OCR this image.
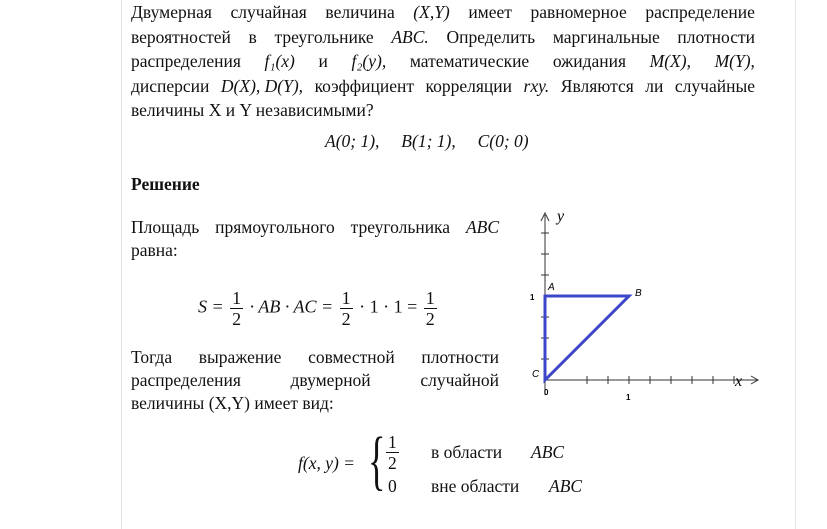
Двумерная случайная величина (X,Y) имеет равномерное распределение
вероятностей в треугольнике ABC. Определить маргинальные плотности
распределения f₁(x) и f₂(y), математические ожидания M(X), M(Y),
дисперсии D(X), D(Y), коэффициент корреляции rxy. Являются ли случайные
величины X и Y независимыми?
A(0; 1),     B(1; 1),     C(0; 0)
Решение
Площадь прямоугольного треугольника ABC
равна:
$S = \frac{1}{2}$ · AB · AC = $\frac{1}{2} \cdot 1 \cdot 1 = \frac{1}{2}$
Тогда выражение совместной плотности
распределения	двумерной	случайной
величины (X,Y) имеет вид:
y
x
A
B
C
0
1
1
f(x, y) = { $\frac{1}{2}$ в области ABC
0 вне области ABC
